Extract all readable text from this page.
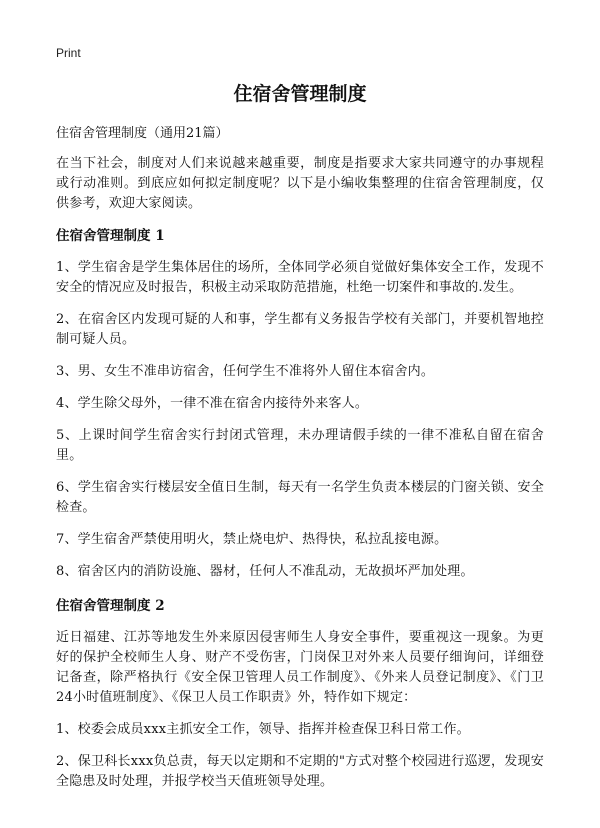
Print
住宿舍管理制度

住宿舍管理制度（通用21篇）

在当下社会，制度对人们来说越来越重要，制度是指要求大家共同遵守的办事规程或行动准则。到底应如何拟定制度呢？以下是小编收集整理的住宿舍管理制度，仅供参考，欢迎大家阅读。

住宿舍管理制度 1

1、学生宿舍是学生集体居住的场所，全体同学必须自觉做好集体安全工作，发现不安全的情况应及时报告，积极主动采取防范措施，杜绝一切案件和事故的.发生。

2、在宿舍区内发现可疑的人和事，学生都有义务报告学校有关部门，并要机智地控制可疑人员。

3、男、女生不准串访宿舍，任何学生不准将外人留住本宿舍内。

4、学生除父母外，一律不准在宿舍内接待外来客人。

5、上课时间学生宿舍实行封闭式管理，未办理请假手续的一律不准私自留在宿舍里。

6、学生宿舍实行楼层安全值日生制，每天有一名学生负责本楼层的门窗关锁、安全检查。

7、学生宿舍严禁使用明火，禁止烧电炉、热得快，私拉乱接电源。

8、宿舍区内的消防设施、器材，任何人不准乱动，无故损坏严加处理。

住宿舍管理制度 2

近日福建、江苏等地发生外来原因侵害师生人身安全事件，要重视这一现象。为更好的保护全校师生人身、财产不受伤害，门岗保卫对外来人员要仔细询问，详细登记备查，除严格执行《安全保卫管理人员工作制度》、《外来人员登记制度》、《门卫24小时值班制度》、《保卫人员工作职责》外，特作如下规定：

1、校委会成员xxx主抓安全工作，领导、指挥并检查保卫科日常工作。

2、保卫科长xxx负总责，每天以定期和不定期的"方式对整个校园进行巡逻，发现安全隐患及时处理，并报学校当天值班领导处理。
